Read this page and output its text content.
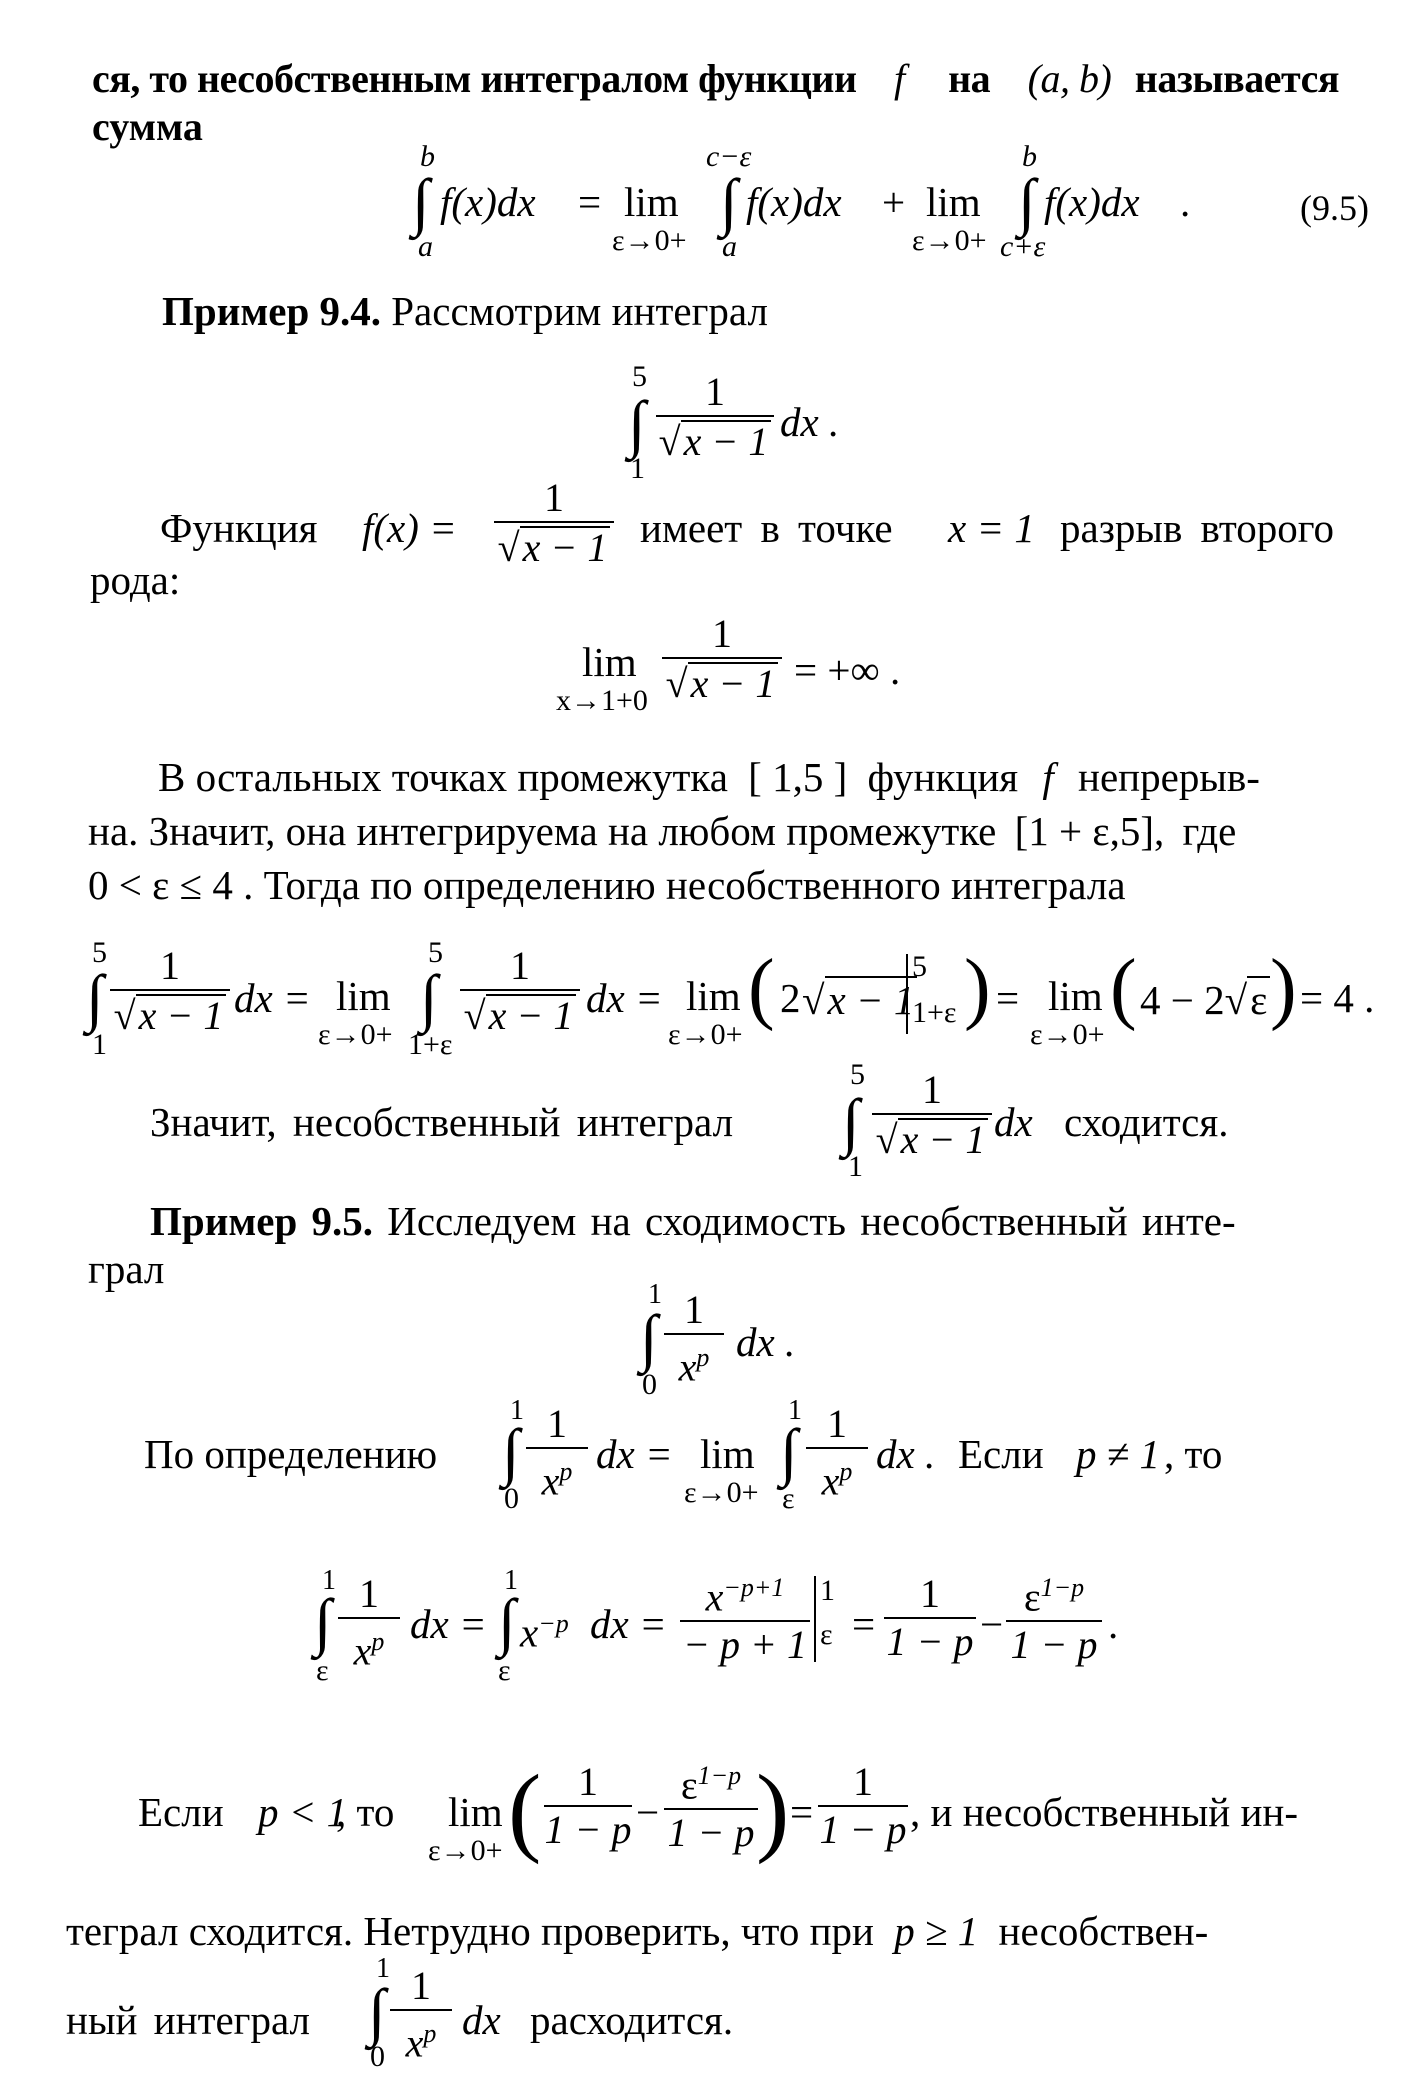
ся, то несобственным интегралом функции f на (a, b) называется
сумма
b
∫
a
f(x)dx = lim
ε→0+
c−ε
∫
a
f(x)dx + lim
ε→0+
b
∫
c+ε
f(x)dx .	(9.5)
Пример 9.4. Рассмотрим интеграл
5
∫
1
1
√x − 1 dx .
Функция f(x) =
1
√x − 1 имеет в точке x = 1 разрыв второго
рода:
lim
x→1+0
1
√x − 1 = +∞ .
В остальных точках промежутка [ 1,5 ] функция f непрерыв-
на. Значит, она интегрируема на любом промежутке [1 + ε,5], где
0 < ε ≤ 4 . Тогда по определению несобственного интеграла
5
∫
1
1
√x − 1 dx = lim
ε→0+
5
∫
1+ε
1
√x − 1 dx = lim
ε→0+
( 2 √x − 1
5
1+ε ) = lim
ε→0+
( 4 − 2√ε ) = 4 .
Значит, несобственный интеграл
5
∫
1
1
√x − 1 dx сходится.
Пример 9.5. Исследуем на сходимость несобственный инте-
грал
1
∫
0
1
$x^p$ dx .
По определению
1
∫
0
1
$x^p$ dx = lim
ε→0+
1
∫
ε
1
$x^p$ dx . Если p ≠ 1 , то
1
∫
ε
1
$x^p$ dx =
1
∫
ε
$x^{-p}$ dx =
$x^{-p+1}$
− p + 1
1
ε =
1
1 − p −
$\varepsilon^{1-p}$
1 − p .
Если p < 1
, то lim
ε→0+ ( 1
1 − p −
$\varepsilon^{1-p}$
1 − p ) =
1
1 − p , и несобственный ин-
теграл сходится. Нетрудно проверить, что при p ≥ 1 несобствен-
ный интеграл
1
∫
0
1
$x^p$ dx расходится.
